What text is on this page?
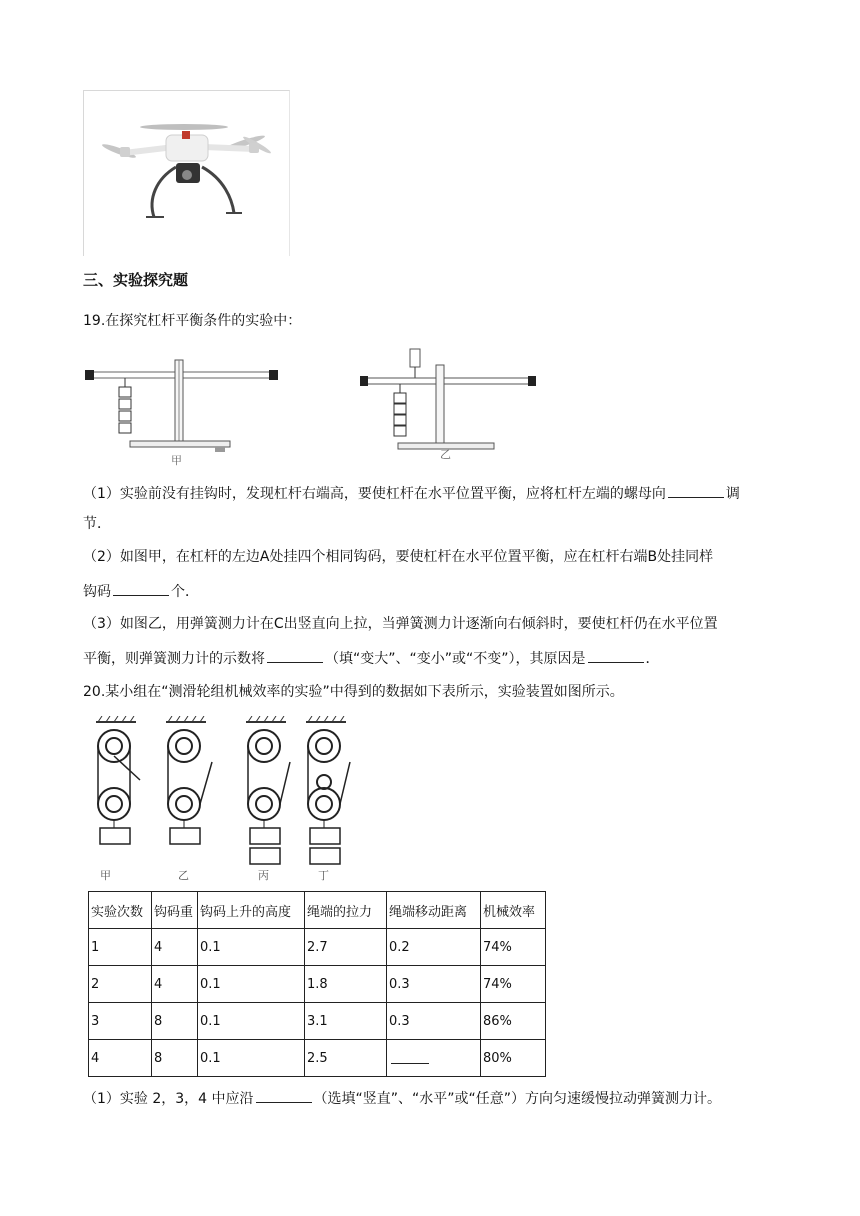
三、实验探究题
19.在探究杠杆平衡条件的实验中：
甲	乙
（1）实验前没有挂钩时，发现杠杆右端高，要使杠杆在水平位置平衡，应将杠杆左端的螺母向	调
节．
（2）如图甲，在杠杆的左边A处挂四个相同钩码，要使杠杆在水平位置平衡，应在杠杆右端B处挂同样
钩码	个．
（3）如图乙，用弹簧测力计在C出竖直向上拉，当弹簧测力计逐渐向右倾斜时，要使杠杆仍在水平位置
平衡，则弹簧测力计的示数将	（填“变大”、“变小”或“不变”），其原因是	．
20.某小组在“测滑轮组机械效率的实验”中得到的数据如下表所示，实验装置如图所示。
甲	乙	丙	丁
实验次数	钩码重	钩码上升的高度	绳端的拉力	绳端移动距离	机械效率
1	4	0.1	2.7	0.2	74%
2	4	0.1	1.8	0.3	74%
3	8	0.1	3.1	0.3	86%
4	8	0.1	2.5		80%
（1）实验 2，3，4 中应沿	（选填“竖直”、“水平”或“任意”）方向匀速缓慢拉动弹簧测力计。
